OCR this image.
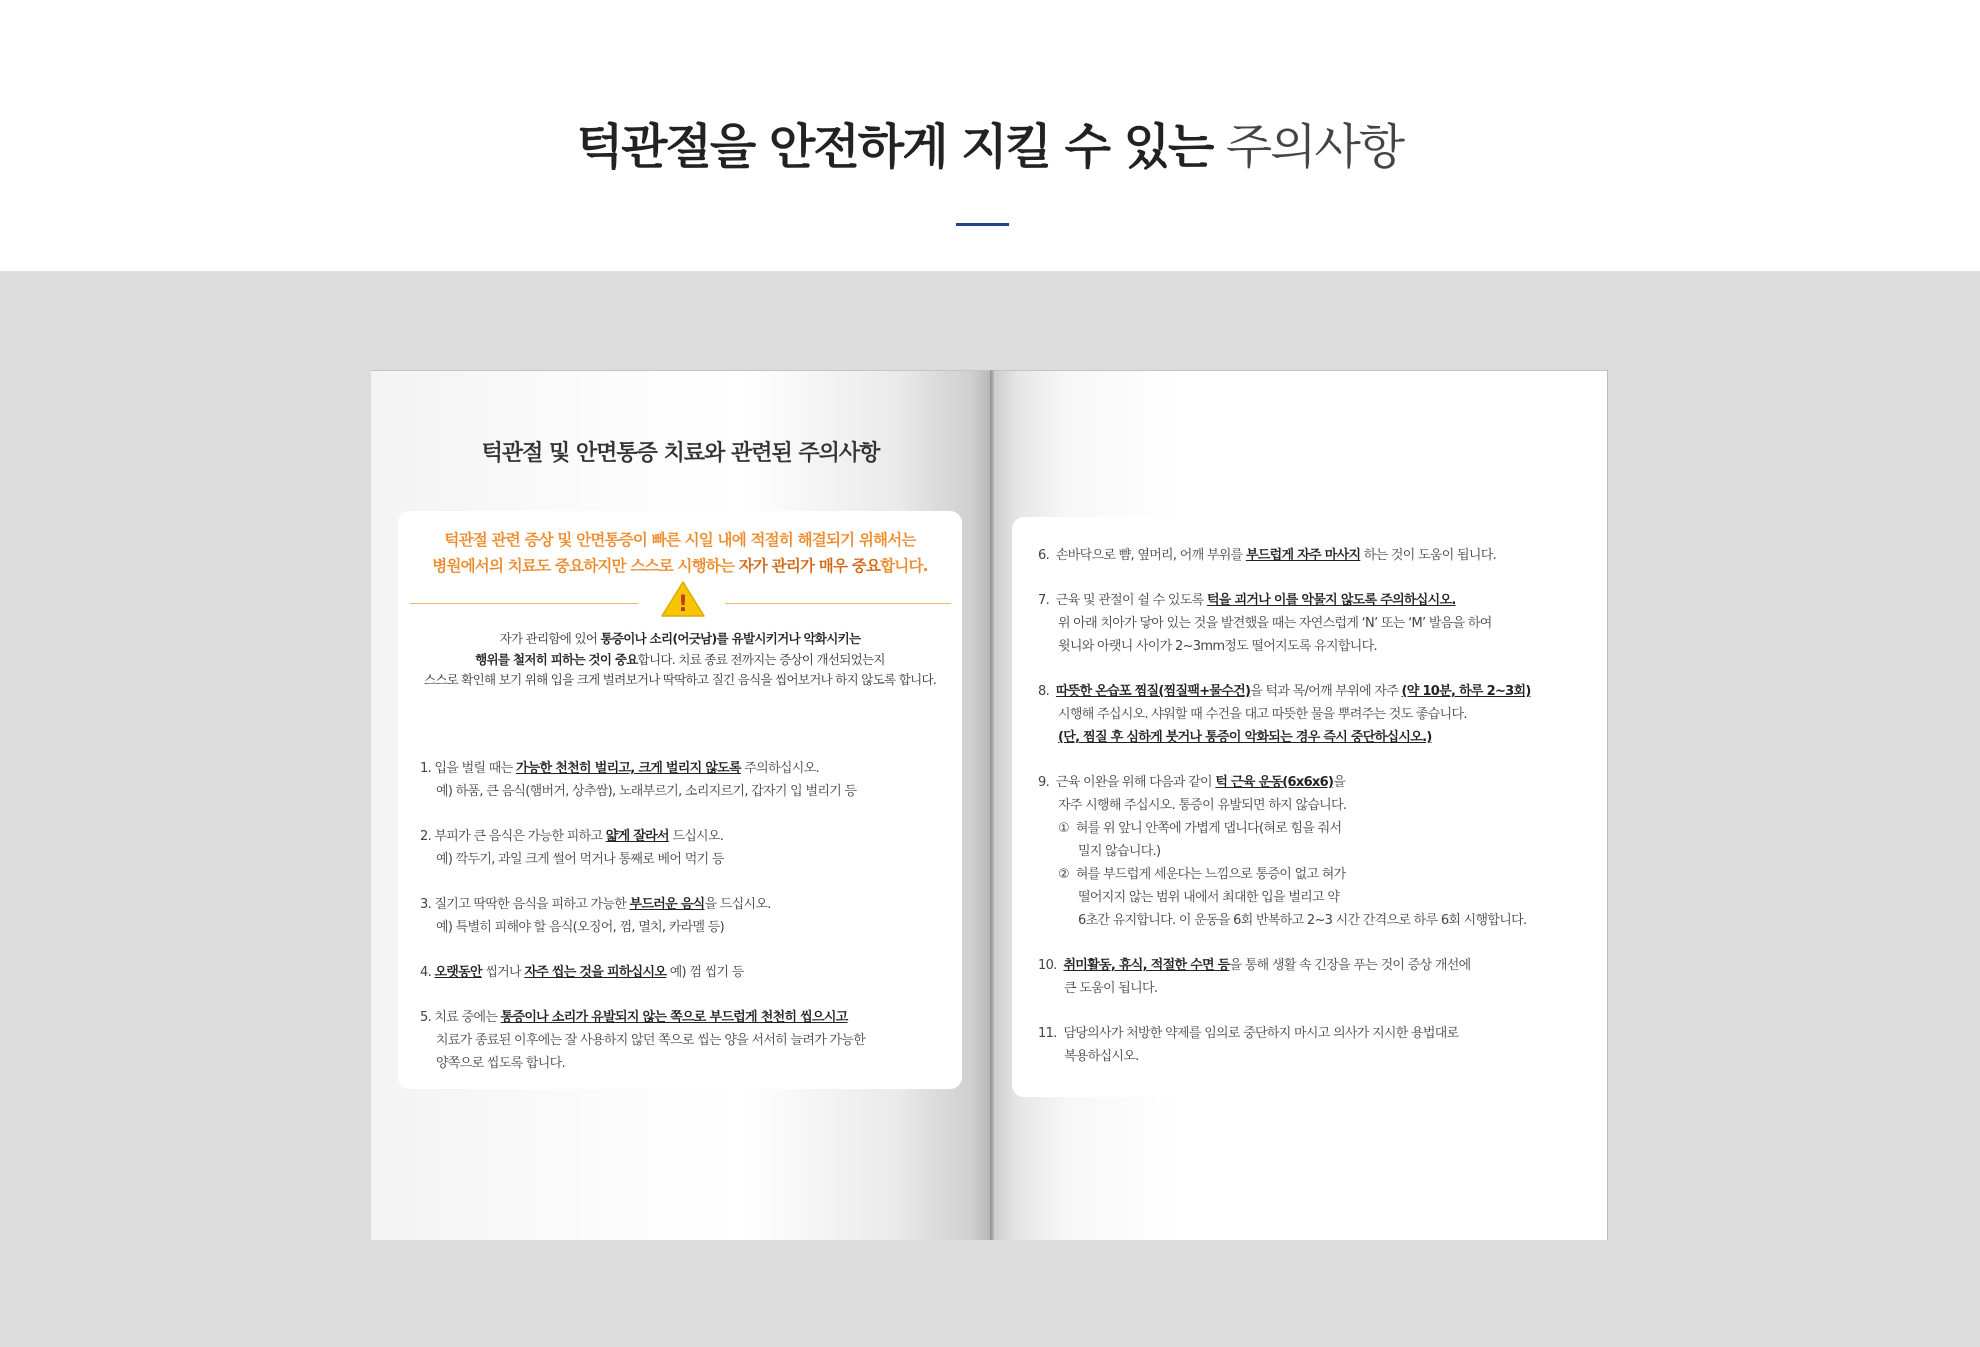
턱관절을 안전하게 지킬 수 있는 주의사항
턱관절 및 안면통증 치료와 관련된 주의사항
턱관절 관련 증상 및 안면통증이 빠른 시일 내에 적절히 해결되기 위해서는
병원에서의 치료도 중요하지만 스스로 시행하는 자가 관리가 매우 중요합니다.
!
자가 관리함에 있어 통증이나 소리(어긋남)를 유발시키거나 악화시키는
행위를 철저히 피하는 것이 중요합니다. 치료 종료 전까지는 증상이 개선되었는지
스스로 확인해 보기 위해 입을 크게 벌려보거나 딱딱하고 질긴 음식을 씹어보거나 하지 않도록 합니다.
1. 입을 벌릴 때는 가능한 천천히 벌리고, 크게 벌리지 않도록 주의하십시오.
예) 하품, 큰 음식(햄버거, 상추쌈), 노래부르기, 소리지르기, 갑자기 입 벌리기 등
2. 부피가 큰 음식은 가능한 피하고 얇게 잘라서 드십시오.
예) 깍두기, 과일 크게 썰어 먹거나 통째로 베어 먹기 등
3. 질기고 딱딱한 음식을 피하고 가능한 부드러운 음식을 드십시오.
예) 특별히 피해야 할 음식(오징어, 껌, 멸치, 카라멜 등)
4. 오랫동안 씹거나 자주 씹는 것을 피하십시오 예) 껌 씹기 등
5. 치료 중에는 통증이나 소리가 유발되지 않는 쪽으로 부드럽게 천천히 씹으시고
치료가 종료된 이후에는 잘 사용하지 않던 쪽으로 씹는 양을 서서히 늘려가 가능한
양쪽으로 씹도록 합니다.
6. 손바닥으로 뺨, 옆머리, 어깨 부위를 부드럽게 자주 마사지 하는 것이 도움이 됩니다.
7. 근육 및 관절이 쉴 수 있도록 턱을 괴거나 이를 악물지 않도록 주의하십시오.
위 아래 치아가 닿아 있는 것을 발견했을 때는 자연스럽게 ‘N’ 또는 ‘M’ 발음을 하여
윗니와 아랫니 사이가 2~3mm정도 떨어지도록 유지합니다.
8. 따뜻한 온습포 찜질(찜질팩+물수건)을 턱과 목/어깨 부위에 자주 (약 10분, 하루 2~3회)
시행해 주십시오. 샤워할 때 수건을 대고 따뜻한 물을 뿌려주는 것도 좋습니다.
(단, 찜질 후 심하게 붓거나 통증이 악화되는 경우 즉시 중단하십시오.)
9. 근육 이완을 위해 다음과 같이 턱 근육 운동(6x6x6)을
자주 시행해 주십시오. 통증이 유발되면 하지 않습니다.
① 혀를 위 앞니 안쪽에 가볍게 댑니다(혀로 힘을 줘서
밀지 않습니다.)
② 혀를 부드럽게 세운다는 느낌으로 통증이 없고 혀가
떨어지지 않는 범위 내에서 최대한 입을 벌리고 약
6초간 유지합니다. 이 운동을 6회 반복하고 2~3 시간 간격으로 하루 6회 시행합니다.
10. 취미활동, 휴식, 적절한 수면 등을 통해 생활 속 긴장을 푸는 것이 증상 개선에
큰 도움이 됩니다.
11. 담당의사가 처방한 약제를 임의로 중단하지 마시고 의사가 지시한 용법대로
복용하십시오.
